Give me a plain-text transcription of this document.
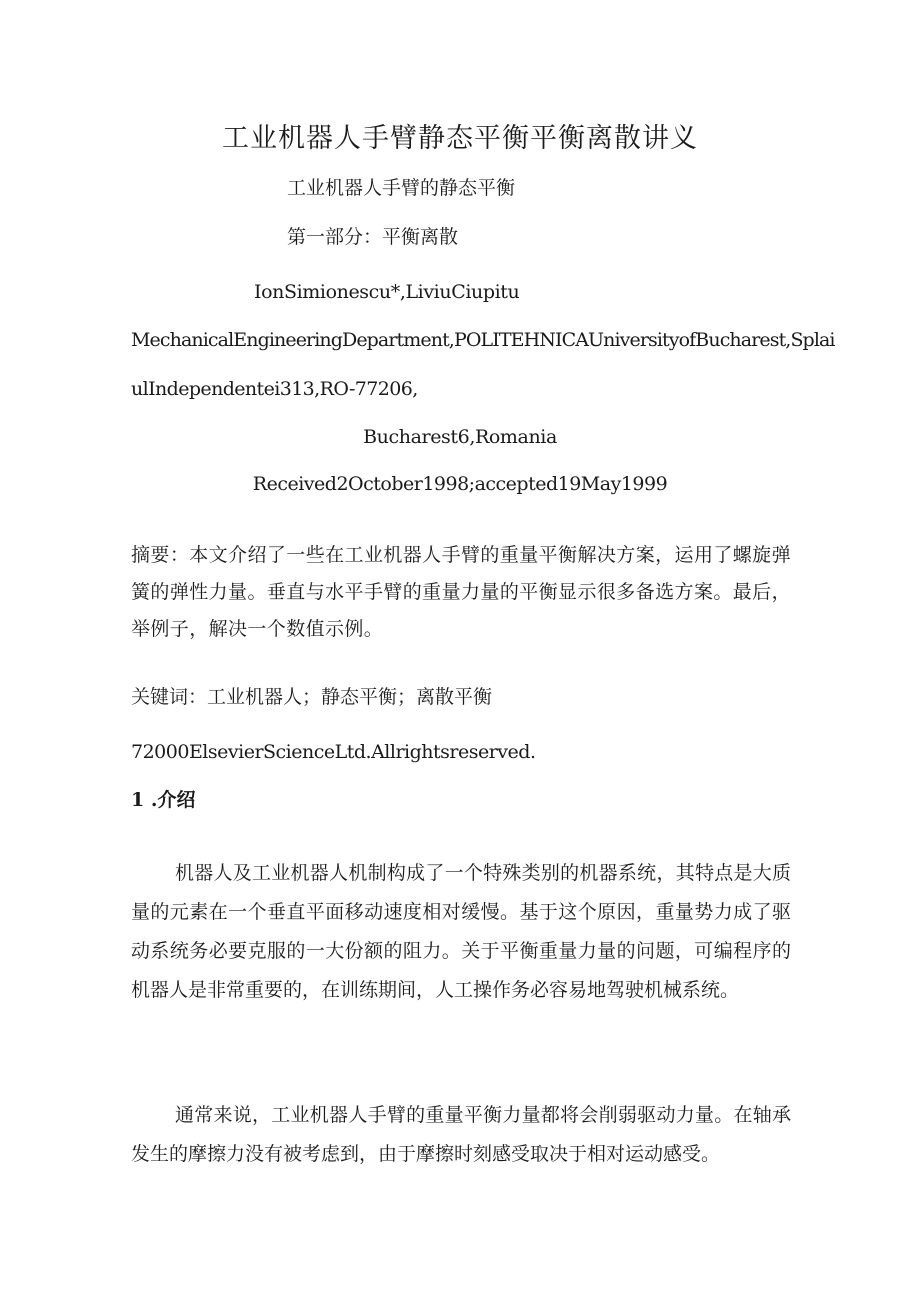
工业机器人手臂静态平衡平衡离散讲义
工业机器人手臂的静态平衡
第一部分：平衡离散
IonSimionescu*,LiviuCiupitu
MechanicalEngineeringDepartment,POLITEHNICAUniversityofBucharest,Splai
ulIndependentei313,RO-77206,
Bucharest6,Romania
Received2October1998;accepted19May1999

摘要：本文介绍了一些在工业机器人手臂的重量平衡解决方案，运用了螺旋弹簧的弹性力量。垂直与水平手臂的重量力量的平衡显示很多备选方案。最后，举例子，解决一个数值示例。

关键词：工业机器人；静态平衡；离散平衡
72000ElsevierScienceLtd.Allrightsreserved.
1 .介绍

机器人及工业机器人机制构成了一个特殊类别的机器系统，其特点是大质量的元素在一个垂直平面移动速度相对缓慢。基于这个原因，重量势力成了驱动系统务必要克服的一大份额的阻力。关于平衡重量力量的问题，可编程序的机器人是非常重要的，在训练期间，人工操作务必容易地驾驶机械系统。

通常来说，工业机器人手臂的重量平衡力量都将会削弱驱动力量。在轴承发生的摩擦力没有被考虑到，由于摩擦时刻感受取决于相对运动感受。
